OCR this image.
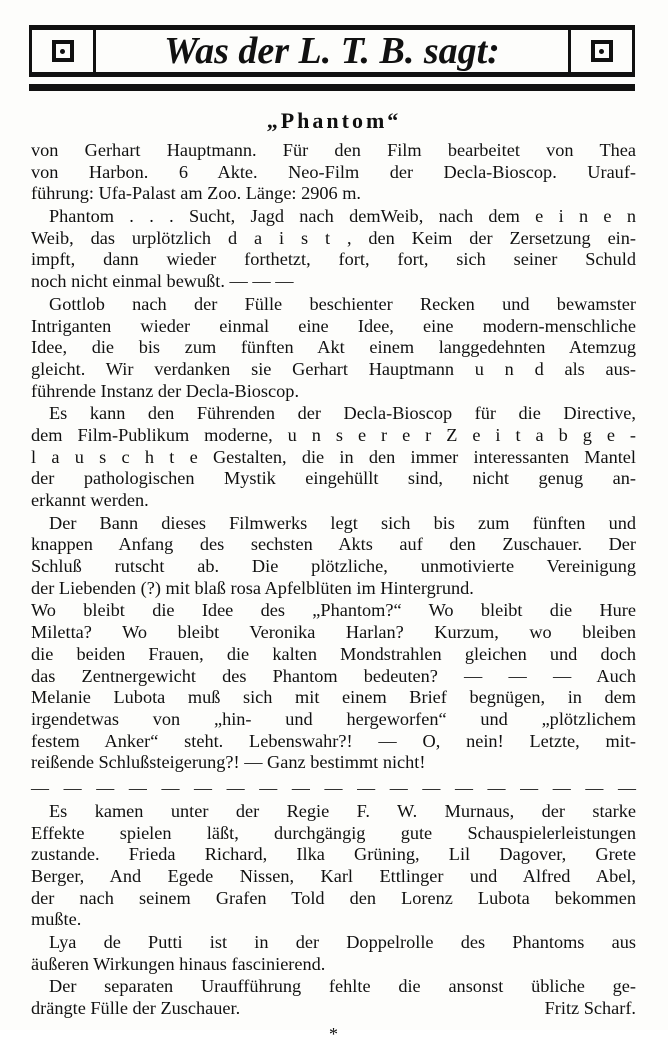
Was der L. T. B. sagt:
„Phantom“
von Gerhart Hauptmann. Für den Film bearbeitet von Thea
von Harbon. 6 Akte. Neo-Film der Decla-Bioscop. Urauf-
führung: Ufa-Palast am Zoo. Länge: 2906 m.
Phantom . . . Sucht, Jagd nach demWeib, nach dem e i n e n
Weib, das urplötzlich d a i s t , den Keim der Zersetzung ein-
impft, dann wieder forthetzt, fort, fort, sich seiner Schuld
noch nicht einmal bewußt. — — —
Gottlob nach der Fülle beschienter Recken und bewamster
Intriganten wieder einmal eine Idee, eine modern-menschliche
Idee, die bis zum fünften Akt einem langgedehnten Atemzug
gleicht. Wir verdanken sie Gerhart Hauptmann u n d als aus-
führende Instanz der Decla-Bioscop.
Es kann den Führenden der Decla-Bioscop für die Directive,
dem Film-Publikum moderne, u n s e r e r Z e i t a b g e -
l a u s c h t e Gestalten, die in den immer interessanten Mantel
der pathologischen Mystik eingehüllt sind, nicht genug an-
erkannt werden.
Der Bann dieses Filmwerks legt sich bis zum fünften und
knappen Anfang des sechsten Akts auf den Zuschauer. Der
Schluß rutscht ab. Die plötzliche, unmotivierte Vereinigung
der Liebenden (?) mit blaß rosa Apfelblüten im Hintergrund.
Wo bleibt die Idee des „Phantom?“ Wo bleibt die Hure
Miletta? Wo bleibt Veronika Harlan? Kurzum, wo bleiben
die beiden Frauen, die kalten Mondstrahlen gleichen und doch
das Zentnergewicht des Phantom bedeuten? — — — Auch
Melanie Lubota muß sich mit einem Brief begnügen, in dem
irgendetwas von „hin- und hergeworfen“ und „plötzlichem
festem Anker“ steht. Lebenswahr?! — O, nein! Letzte, mit-
reißende Schlußsteigerung?! — Ganz bestimmt nicht!
— — — — — — — — — — — — — — — — — — —
Es kamen unter der Regie F. W. Murnaus, der starke
Effekte spielen läßt, durchgängig gute Schauspielerleistungen
zustande. Frieda Richard, Ilka Grüning, Lil Dagover, Grete
Berger, And Egede Nissen, Karl Ettlinger und Alfred Abel,
der nach seinem Grafen Told den Lorenz Lubota bekommen
mußte.
Lya de Putti ist in der Doppelrolle des Phantoms aus
äußeren Wirkungen hinaus fascinierend.
Der separaten Uraufführung fehlte die ansonst übliche ge-
drängte Fülle der Zuschauer.	Fritz Scharf.
*
